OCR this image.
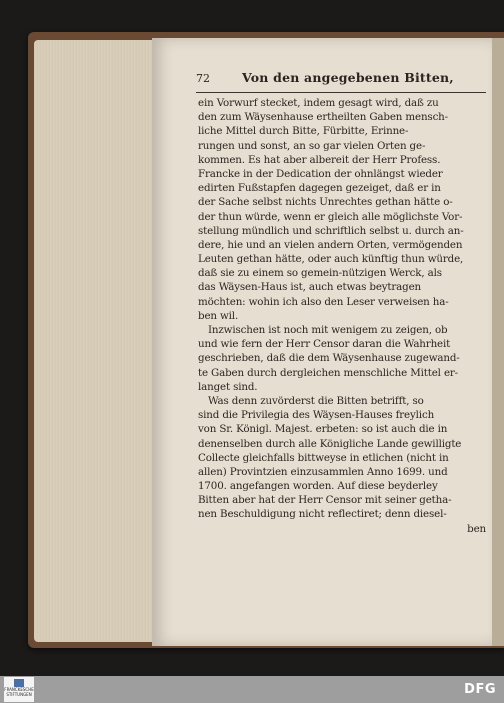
72	Von den angegebenen Bitten,
ein Vorwurf stecket, indem gesagt wird, daß zu
den zum Wäysenhause ertheilten Gaben mensch-
liche Mittel durch Bitte, Fürbitte, Erinne-
rungen und sonst, an so gar vielen Orten ge-
kommen. Es hat aber albereit der Herr Profess.
Francke in der Dedication der ohnlängst wieder
edirten Fußstapfen dagegen gezeiget, daß er in
der Sache selbst nichts Unrechtes gethan hätte o-
der thun würde, wenn er gleich alle möglichste Vor-
stellung mündlich und schriftlich selbst u. durch an-
dere, hie und an vielen andern Orten, vermögenden
Leuten gethan hätte, oder auch künftig thun würde,
daß sie zu einem so gemein-nützigen Werck, als
das Wäysen-Haus ist, auch etwas beytragen
möchten: wohin ich also den Leser verweisen ha-
ben wil.
Inzwischen ist noch mit wenigem zu zeigen, ob
und wie fern der Herr Censor daran die Wahrheit
geschrieben, daß die dem Wäysenhause zugewand-
te Gaben durch dergleichen menschliche Mittel er-
langet sind.
Was denn zuvörderst die Bitten betrifft, so
sind die Privilegia des Wäysen-Hauses freylich
von Sr. Königl. Majest. erbeten: so ist auch die in
denenselben durch alle Königliche Lande gewilligte
Collecte gleichfalls bittweyse in etlichen (nicht in
allen) Provintzien einzusammlen Anno 1699. und
1700. angefangen worden. Auf diese beyderley
Bitten aber hat der Herr Censor mit seiner getha-
nen Beschuldigung nicht reflectiret; denn diesel-
ben
FRANCKESCHE STIFTUNGEN	DFG
